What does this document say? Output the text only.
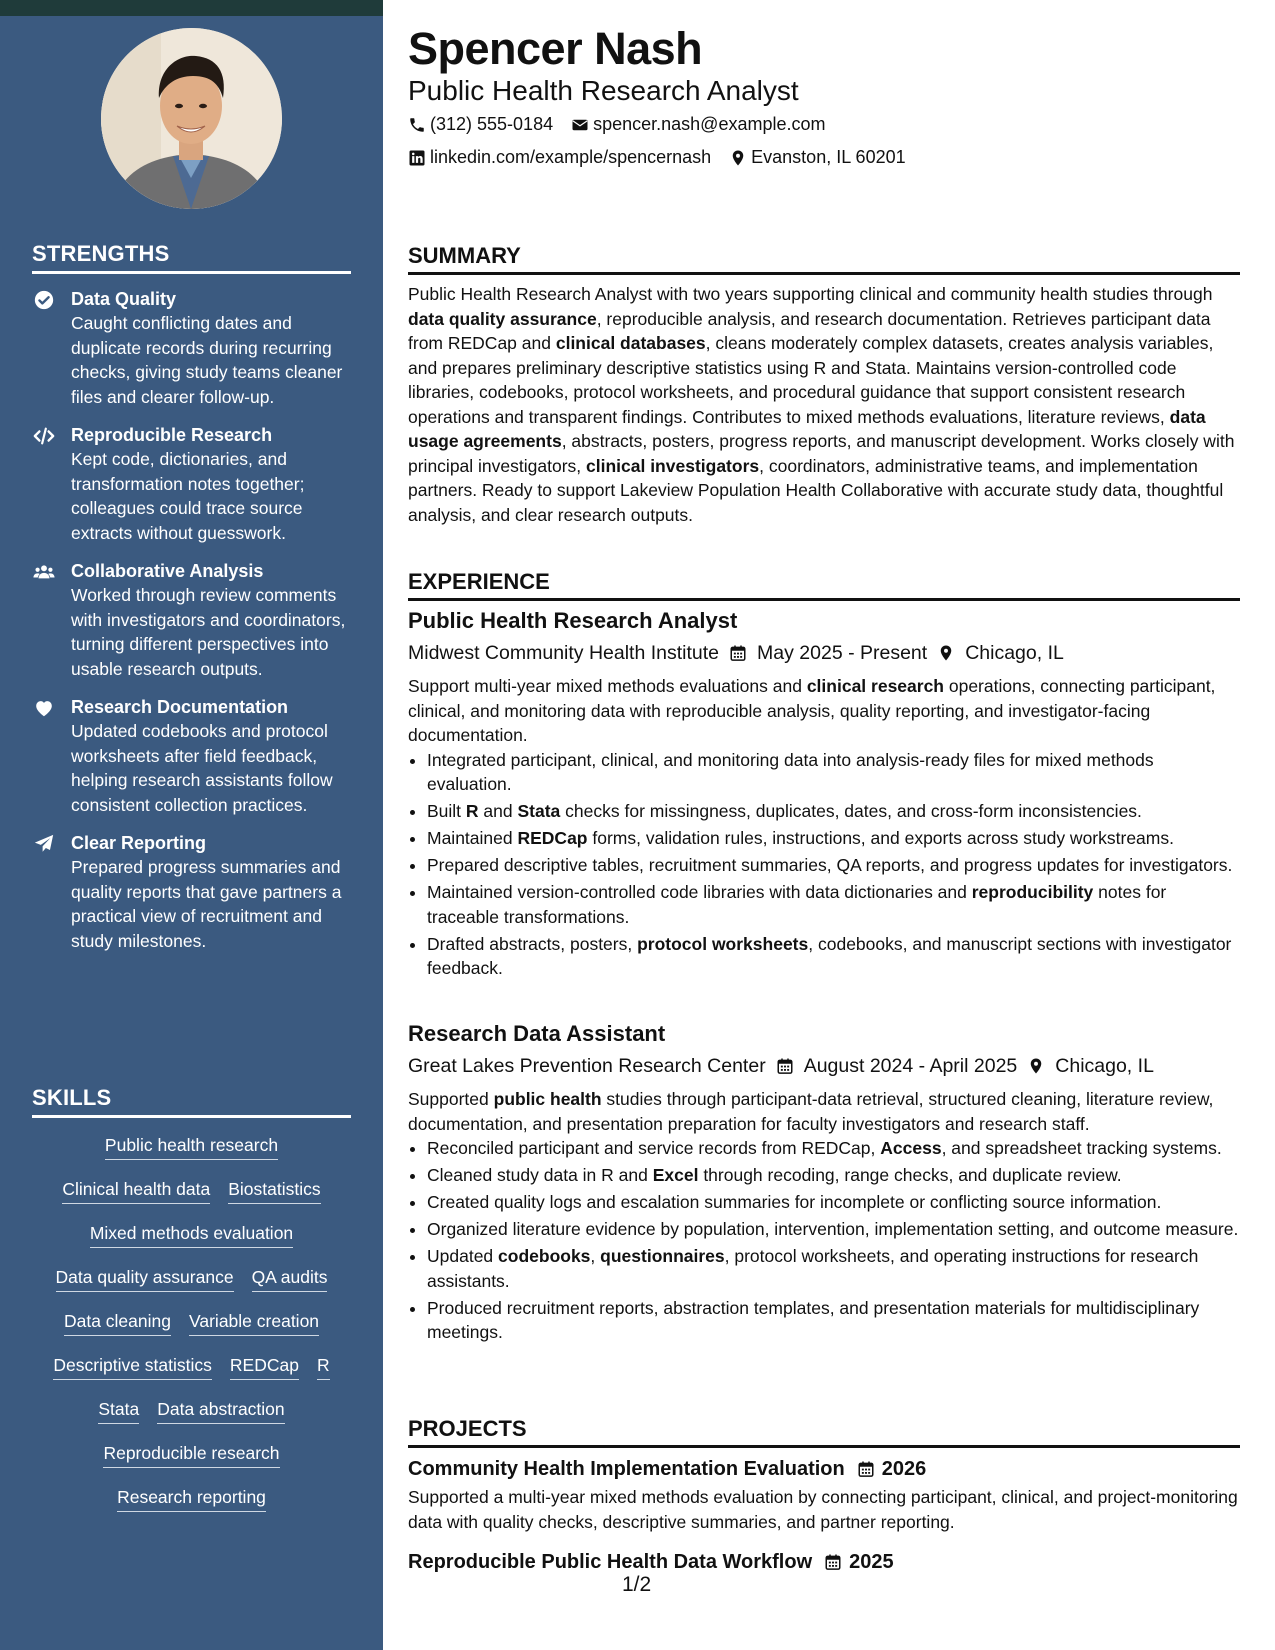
STRENGTHS
Data Quality
Caught conflicting dates and duplicate records during recurring checks, giving study teams cleaner files and clearer follow-up.
Reproducible Research
Kept code, dictionaries, and transformation notes together; colleagues could trace source extracts without guesswork.
Collaborative Analysis
Worked through review comments with investigators and coordinators, turning different perspectives into usable research outputs.
Research Documentation
Updated codebooks and protocol worksheets after field feedback, helping research assistants follow consistent collection practices.
Clear Reporting
Prepared progress summaries and quality reports that gave partners a practical view of recruitment and study milestones.
SKILLS
Public health research
Clinical health data Biostatistics
Mixed methods evaluation
Data quality assurance QA audits
Data cleaning Variable creation
Descriptive statistics REDCap R
Stata Data abstraction
Reproducible research
Research reporting
Spencer Nash
Public Health Research Analyst
(312) 555-0184 spencer.nash@example.com
linkedin.com/example/spencernash Evanston, IL 60201
SUMMARY
Public Health Research Analyst with two years supporting clinical and community health studies through data quality assurance, reproducible analysis, and research documentation. Retrieves participant data from REDCap and clinical databases, cleans moderately complex datasets, creates analysis variables, and prepares preliminary descriptive statistics using R and Stata. Maintains version-controlled code libraries, codebooks, protocol worksheets, and procedural guidance that support consistent research operations and transparent findings. Contributes to mixed methods evaluations, literature reviews, data usage agreements, abstracts, posters, progress reports, and manuscript development. Works closely with principal investigators, clinical investigators, coordinators, administrative teams, and implementation partners. Ready to support Lakeview Population Health Collaborative with accurate study data, thoughtful analysis, and clear research outputs.
EXPERIENCE
Public Health Research Analyst
Midwest Community Health Institute May 2025 - Present Chicago, IL
Support multi-year mixed methods evaluations and clinical research operations, connecting participant, clinical, and monitoring data with reproducible analysis, quality reporting, and investigator-facing documentation.
• Integrated participant, clinical, and monitoring data into analysis-ready files for mixed methods evaluation.
• Built R and Stata checks for missingness, duplicates, dates, and cross-form inconsistencies.
• Maintained REDCap forms, validation rules, instructions, and exports across study workstreams.
• Prepared descriptive tables, recruitment summaries, QA reports, and progress updates for investigators.
• Maintained version-controlled code libraries with data dictionaries and reproducibility notes for traceable transformations.
• Drafted abstracts, posters, protocol worksheets, codebooks, and manuscript sections with investigator feedback.
Research Data Assistant
Great Lakes Prevention Research Center August 2024 - April 2025 Chicago, IL
Supported public health studies through participant-data retrieval, structured cleaning, literature review, documentation, and presentation preparation for faculty investigators and research staff.
• Reconciled participant and service records from REDCap, Access, and spreadsheet tracking systems.
• Cleaned study data in R and Excel through recoding, range checks, and duplicate review.
• Created quality logs and escalation summaries for incomplete or conflicting source information.
• Organized literature evidence by population, intervention, implementation setting, and outcome measure.
• Updated codebooks, questionnaires, protocol worksheets, and operating instructions for research assistants.
• Produced recruitment reports, abstraction templates, and presentation materials for multidisciplinary meetings.
PROJECTS
Community Health Implementation Evaluation 2026
Supported a multi-year mixed methods evaluation by connecting participant, clinical, and project-monitoring data with quality checks, descriptive summaries, and partner reporting.
Reproducible Public Health Data Workflow 2025
1/2
